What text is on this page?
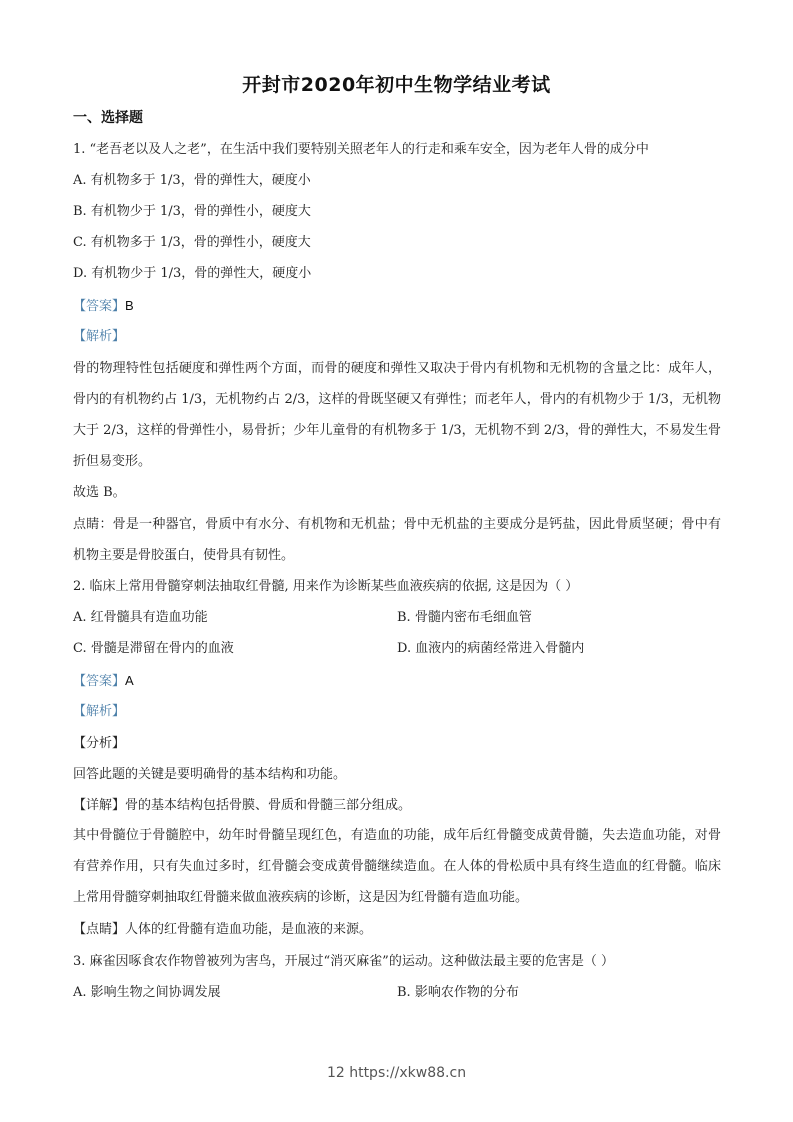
开封市2020年初中生物学结业考试
一、选择题
1. “老吾老以及人之老”，在生活中我们要特别关照老年人的行走和乘车安全，因为老年人骨的成分中
A. 有机物多于 1/3，骨的弹性大，硬度小
B. 有机物少于 1/3，骨的弹性小，硬度大
C. 有机物多于 1/3，骨的弹性小，硬度大
D. 有机物少于 1/3，骨的弹性大，硬度小
【答案】B
【解析】
骨的物理特性包括硬度和弹性两个方面，而骨的硬度和弹性又取决于骨内有机物和无机物的含量之比：成年人，骨内的有机物约占 1/3，无机物约占 2/3，这样的骨既坚硬又有弹性；而老年人，骨内的有机物少于 1/3，无机物大于 2/3，这样的骨弹性小，易骨折；少年儿童骨的有机物多于 1/3，无机物不到 2/3，骨的弹性大，不易发生骨折但易变形。
故选 B。
点睛：骨是一种器官，骨质中有水分、有机物和无机盐；骨中无机盐的主要成分是钙盐，因此骨质坚硬；骨中有机物主要是骨胶蛋白，使骨具有韧性。
2. 临床上常用骨髓穿刺法抽取红骨髓, 用来作为诊断某些血液疾病的依据, 这是因为（ ）
A. 红骨髓具有造血功能	B. 骨髓内密布毛细血管
C. 骨髓是滞留在骨内的血液	D. 血液内的病菌经常进入骨髓内
【答案】A
【解析】
【分析】
回答此题的关键是要明确骨的基本结构和功能。
【详解】骨的基本结构包括骨膜、骨质和骨髓三部分组成。
其中骨髓位于骨髓腔中，幼年时骨髓呈现红色，有造血的功能，成年后红骨髓变成黄骨髓，失去造血功能，对骨有营养作用，只有失血过多时，红骨髓会变成黄骨髓继续造血。在人体的骨松质中具有终生造血的红骨髓。临床上常用骨髓穿刺抽取红骨髓来做血液疾病的诊断，这是因为红骨髓有造血功能。
【点睛】人体的红骨髓有造血功能，是血液的来源。
3. 麻雀因啄食农作物曾被列为害鸟，开展过“消灭麻雀”的运动。这种做法最主要的危害是（ ）
A. 影响生物之间协调发展	B. 影响农作物的分布
12 https://xkw88.cn
